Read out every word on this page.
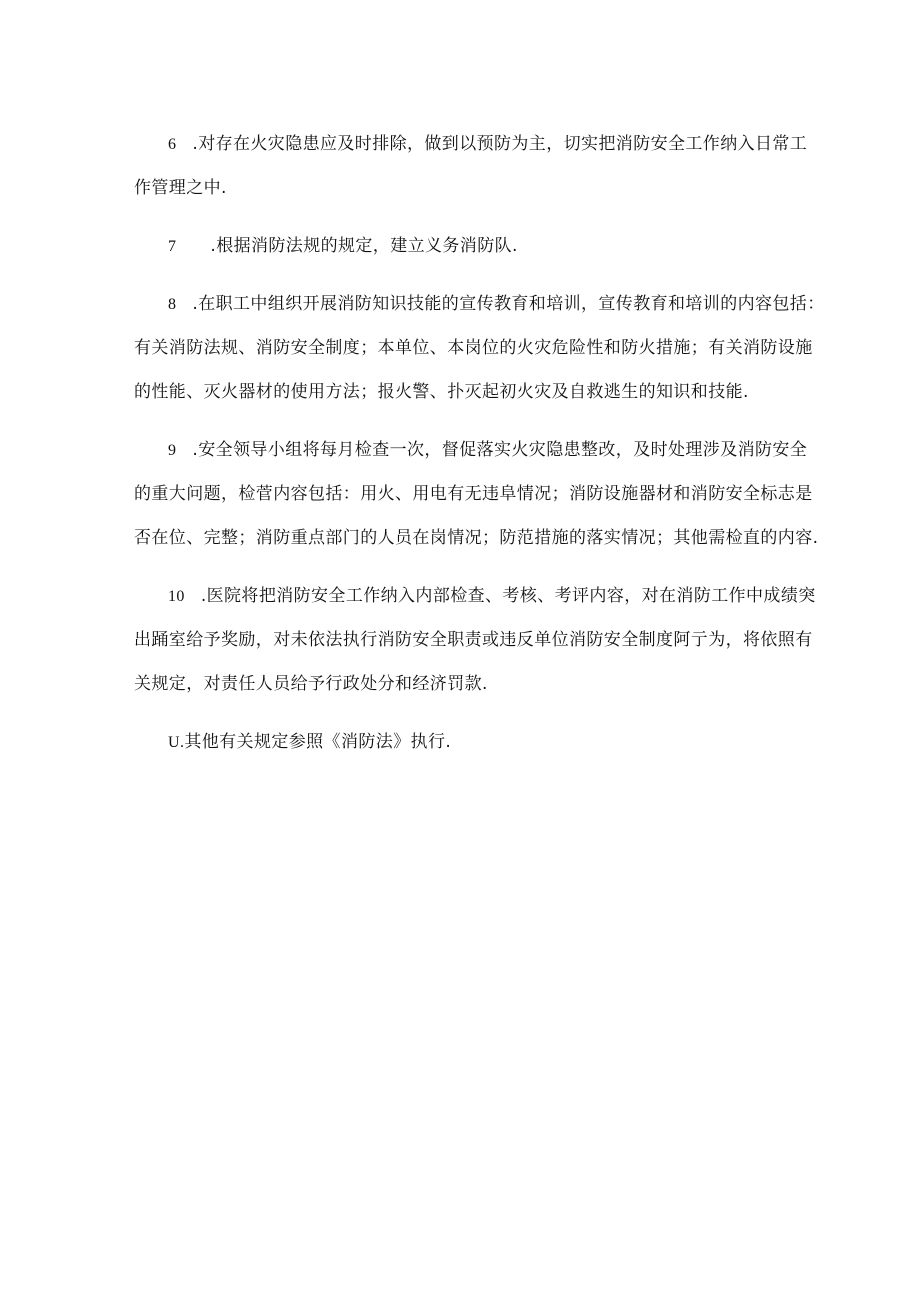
6 .对存在火灾隐患应及时排除，做到以预防为主，切实把消防安全工作纳入日常工
作管理之中.
7 .根据消防法规的规定，建立义务消防队.
8 .在职工中组织开展消防知识技能的宣传教育和培训，宣传教育和培训的内容包括：
有关消防法规、消防安全制度；本单位、本岗位的火灾危险性和防火措施；有关消防设施
的性能、灭火器材的使用方法；报火警、扑灭起初火灾及自救逃生的知识和技能.
9 .安全领导小组将每月检查一次，督促落实火灾隐患整改，及时处理涉及消防安全
的重大问题，检菅内容包括：用火、用电有无违阜情况；消防设施器材和消防安全标志是
否在位、完整；消防重点部门的人员在岗情况；防范措施的落实情况；其他需检直的内容.
10 .医院将把消防安全工作纳入内部检查、考核、考评内容，对在消防工作中成绩突
出踊室给予奖励，对未依法执行消防安全职责或违反单位消防安全制度阿亍为，将依照有
关规定，对责任人员给予行政处分和经济罚款.
U.其他有关规定参照《消防法》执行.
